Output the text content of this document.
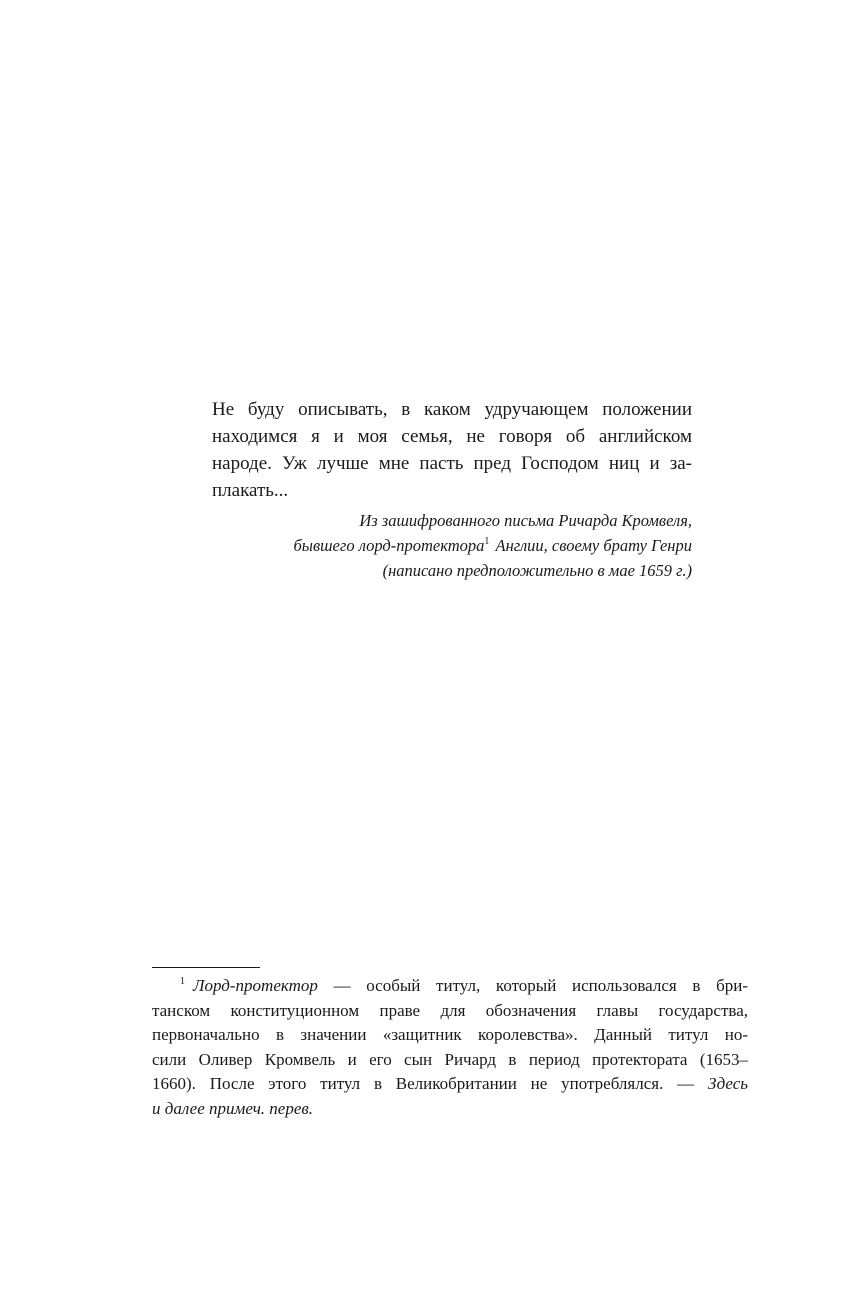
Не буду описывать, в каком удручающем положении
находимся я и моя семья, не говоря об английском
народе. Уж лучше мне пасть пред Господом ниц и за-
плакать...

Из зашифрованного письма Ричарда Кромвеля,
бывшего лорд-протектора$^1$ Англии, своему брату Генри
(написано предположительно в мае 1659 г.)
$^1$ Лорд-протектор — особый титул, который использовался в бри-
танском конституционном праве для обозначения главы государства,
первоначально в значении «защитник королевства». Данный титул но-
сили Оливер Кромвель и его сын Ричард в период протектората (1653–
1660). После этого титул в Великобритании не употреблялся. — Здесь
и далее примеч. перев.
